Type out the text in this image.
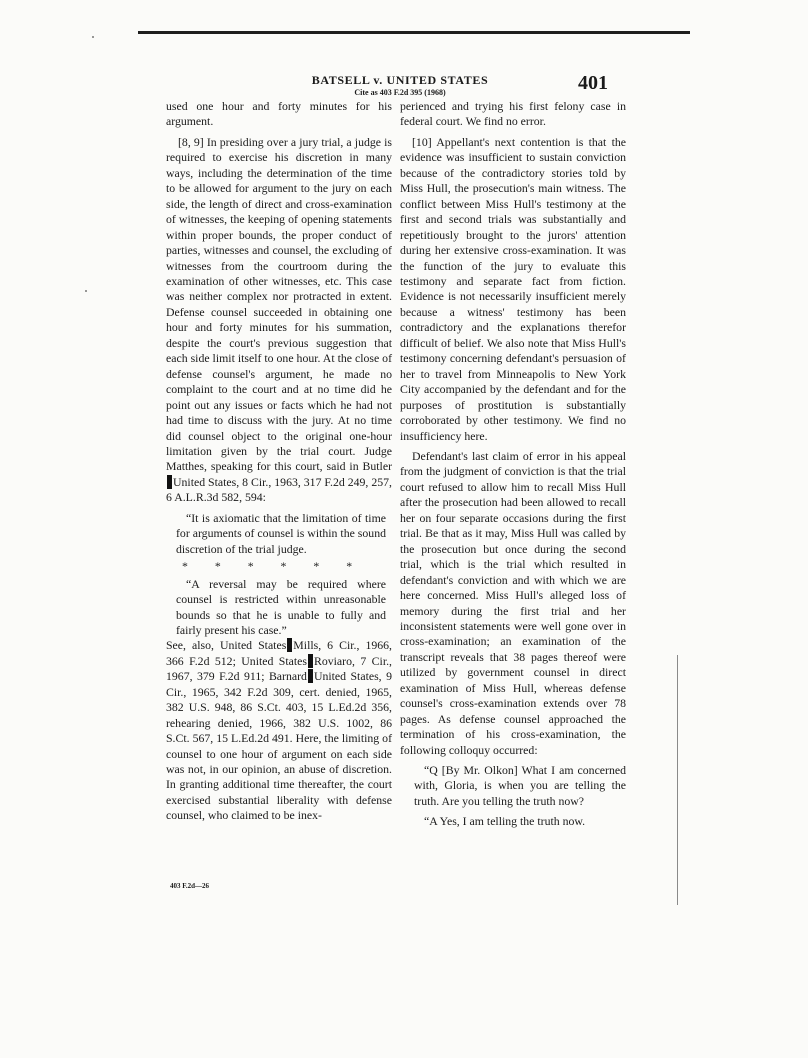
BATSELL v. UNITED STATES
Cite as 403 F.2d 395 (1968)	401

used one hour and forty minutes for his argument.

[8, 9] In presiding over a jury trial, a judge is required to exercise his discretion in many ways, including the determination of the time to be allowed for argument to the jury on each side, the length of direct and cross-examination of witnesses, the keeping of opening statements within proper bounds, the proper conduct of parties, witnesses and counsel, the excluding of witnesses from the courtroom during the examination of other witnesses, etc. This case was neither complex nor protracted in extent. Defense counsel succeeded in obtaining one hour and forty minutes for his summation, despite the court's previous suggestion that each side limit itself to one hour. At the close of defense counsel's argument, he made no complaint to the court and at no time did he point out any issues or facts which he had not had time to discuss with the jury. At no time did counsel object to the original one-hour limitation given by the trial court. Judge Matthes, speaking for this court, said in ButlerUnited States, 8 Cir., 1963, 317 F.2d 249, 257, 6 A.L.R.3d 582, 594:

“It is axiomatic that the limitation of time for arguments of counsel is within the sound discretion of the trial judge.

* * * * * *

“A reversal may be required where counsel is restricted within unreasonable bounds so that he is unable to fully and fairly present his case.”

See, also, United States Mills, 6 Cir., 1966, 366 F.2d 512; United States Roviaro, 7 Cir., 1967, 379 F.2d 911; Barnard United States, 9 Cir., 1965, 342 F.2d 309, cert. denied, 1965, 382 U.S. 948, 86 S.Ct. 403, 15 L.Ed.2d 356, rehearing denied, 1966, 382 U.S. 1002, 86 S.Ct. 567, 15 L.Ed.2d 491. Here, the limiting of counsel to one hour of argument on each side was not, in our opinion, an abuse of discretion. In granting additional time thereafter, the court exercised substantial liberality with defense counsel, who claimed to be inex-

perienced and trying his first felony case in federal court. We find no error.

[10] Appellant's next contention is that the evidence was insufficient to sustain conviction because of the contradictory stories told by Miss Hull, the prosecution's main witness. The conflict between Miss Hull's testimony at the first and second trials was substantially and repetitiously brought to the jurors' attention during her extensive cross-examination. It was the function of the jury to evaluate this testimony and separate fact from fiction. Evidence is not necessarily insufficient merely because a witness' testimony has been contradictory and the explanations therefor difficult of belief. We also note that Miss Hull's testimony concerning defendant's persuasion of her to travel from Minneapolis to New York City accompanied by the defendant and for the purposes of prostitution is substantially corroborated by other testimony. We find no insufficiency here.

Defendant's last claim of error in his appeal from the judgment of conviction is that the trial court refused to allow him to recall Miss Hull after the prosecution had been allowed to recall her on four separate occasions during the first trial. Be that as it may, Miss Hull was called by the prosecution but once during the second trial, which is the trial which resulted in defendant's conviction and with which we are here concerned. Miss Hull's alleged loss of memory during the first trial and her inconsistent statements were well gone over in cross-examination; an examination of the transcript reveals that 38 pages thereof were utilized by government counsel in direct examination of Miss Hull, whereas defense counsel's cross-examination extends over 78 pages. As defense counsel approached the termination of his cross-examination, the following colloquy occurred:

“Q [By Mr. Olkon] What I am concerned with, Gloria, is when you are telling the truth. Are you telling the truth now?

“A Yes, I am telling the truth now.

403 F.2d—26
